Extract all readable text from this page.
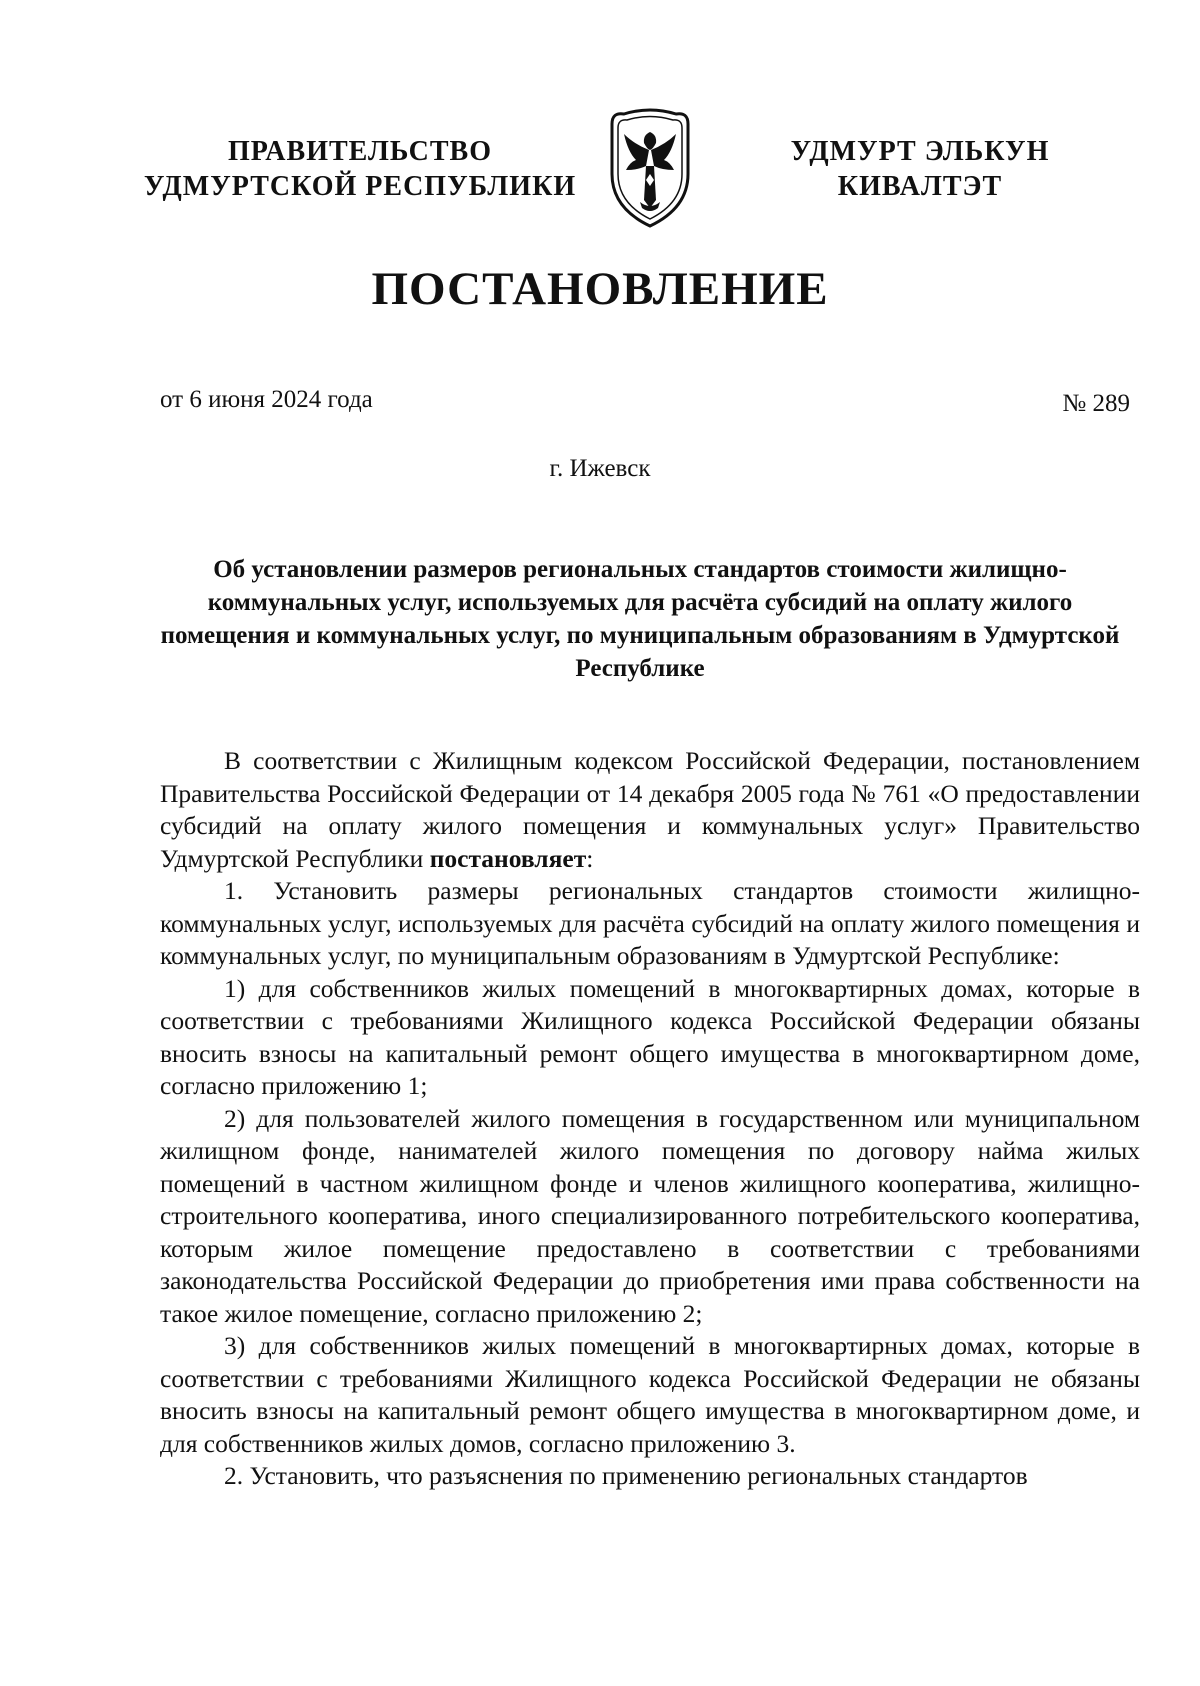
ПРАВИТЕЛЬСТВО
УДМУРТСКОЙ РЕСПУБЛИКИ
УДМУРТ ЭЛЬКУН
КИВАЛТЭТ
ПОСТАНОВЛЕНИЕ
от 6 июня 2024 года	№ 289
г. Ижевск
Об установлении размеров региональных стандартов стоимости жилищно-коммунальных услуг, используемых для расчёта субсидий на оплату жилого помещения и коммунальных услуг, по муниципальным образованиям в Удмуртской Республике

В соответствии с Жилищным кодексом Российской Федерации, постановлением Правительства Российской Федерации от 14 декабря 2005 года № 761 «О предоставлении субсидий на оплату жилого помещения и коммунальных услуг» Правительство Удмуртской Республики постановляет:

1. Установить размеры региональных стандартов стоимости жилищно-коммунальных услуг, используемых для расчёта субсидий на оплату жилого помещения и коммунальных услуг, по муниципальным образованиям в Удмуртской Республике:

1) для собственников жилых помещений в многоквартирных домах, которые в соответствии с требованиями Жилищного кодекса Российской Федерации обязаны вносить взносы на капитальный ремонт общего имущества в многоквартирном доме, согласно приложению 1;

2) для пользователей жилого помещения в государственном или муниципальном жилищном фонде, нанимателей жилого помещения по договору найма жилых помещений в частном жилищном фонде и членов жилищного кооператива, жилищно-строительного кооператива, иного специализированного потребительского кооператива, которым жилое помещение предоставлено в соответствии с требованиями законодательства Российской Федерации до приобретения ими права собственности на такое жилое помещение, согласно приложению 2;

3) для собственников жилых помещений в многоквартирных домах, которые в соответствии с требованиями Жилищного кодекса Российской Федерации не обязаны вносить взносы на капитальный ремонт общего имущества в многоквартирном доме, и для собственников жилых домов, согласно приложению 3.

2. Установить, что разъяснения по применению региональных стандартов
